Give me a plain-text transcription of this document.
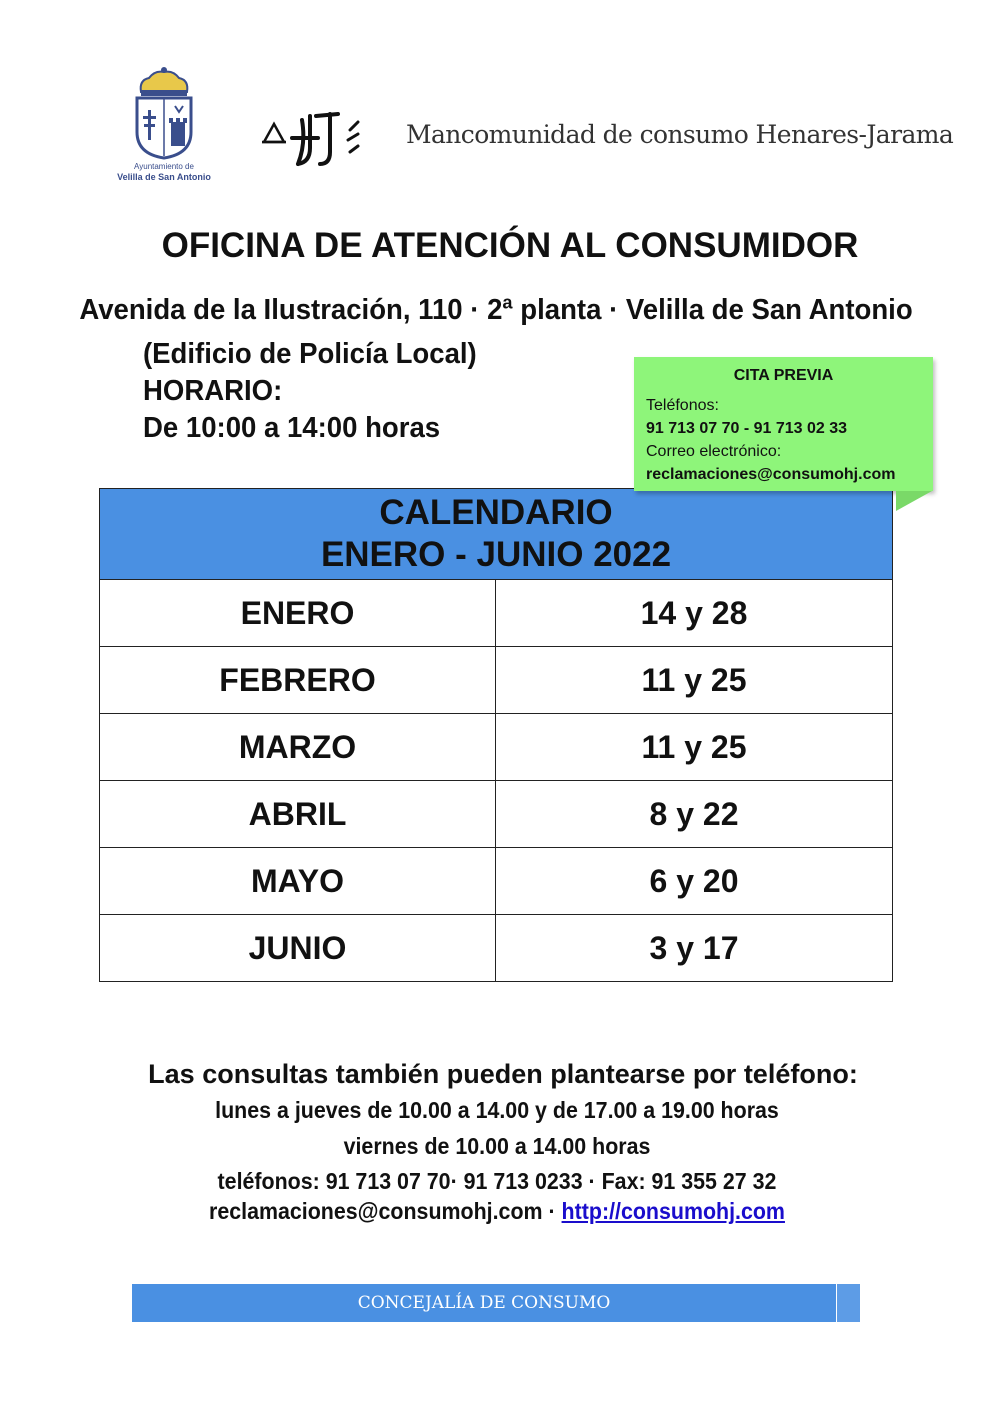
Ayuntamiento de
Velilla de San Antonio
Mancomunidad de consumo Henares-Jarama
OFICINA DE ATENCIÓN AL CONSUMIDOR
Avenida de la Ilustración, 110 · 2ª planta · Velilla de San Antonio
(Edificio de Policía Local)
HORARIO:
De 10:00 a 14:00 horas
CALENDARIO
ENERO - JUNIO 2022
ENERO	14 y 28
FEBRERO	11 y 25
MARZO	11 y 25
ABRIL	8 y 22
MAYO	6 y 20
JUNIO	3 y 17
CITA PREVIA
Teléfonos:
91 713 07 70 - 91 713 02 33
Correo electrónico:
reclamaciones@consumohj.com
Las consultas también pueden plantearse por teléfono:
lunes a jueves de 10.00 a 14.00 y de 17.00 a 19.00 horas
viernes de 10.00 a 14.00 horas
teléfonos: 91 713 07 70· 91 713 0233 · Fax: 91 355 27 32
reclamaciones@consumohj.com · http://consumohj.com
CONCEJALÍA DE CONSUMO
